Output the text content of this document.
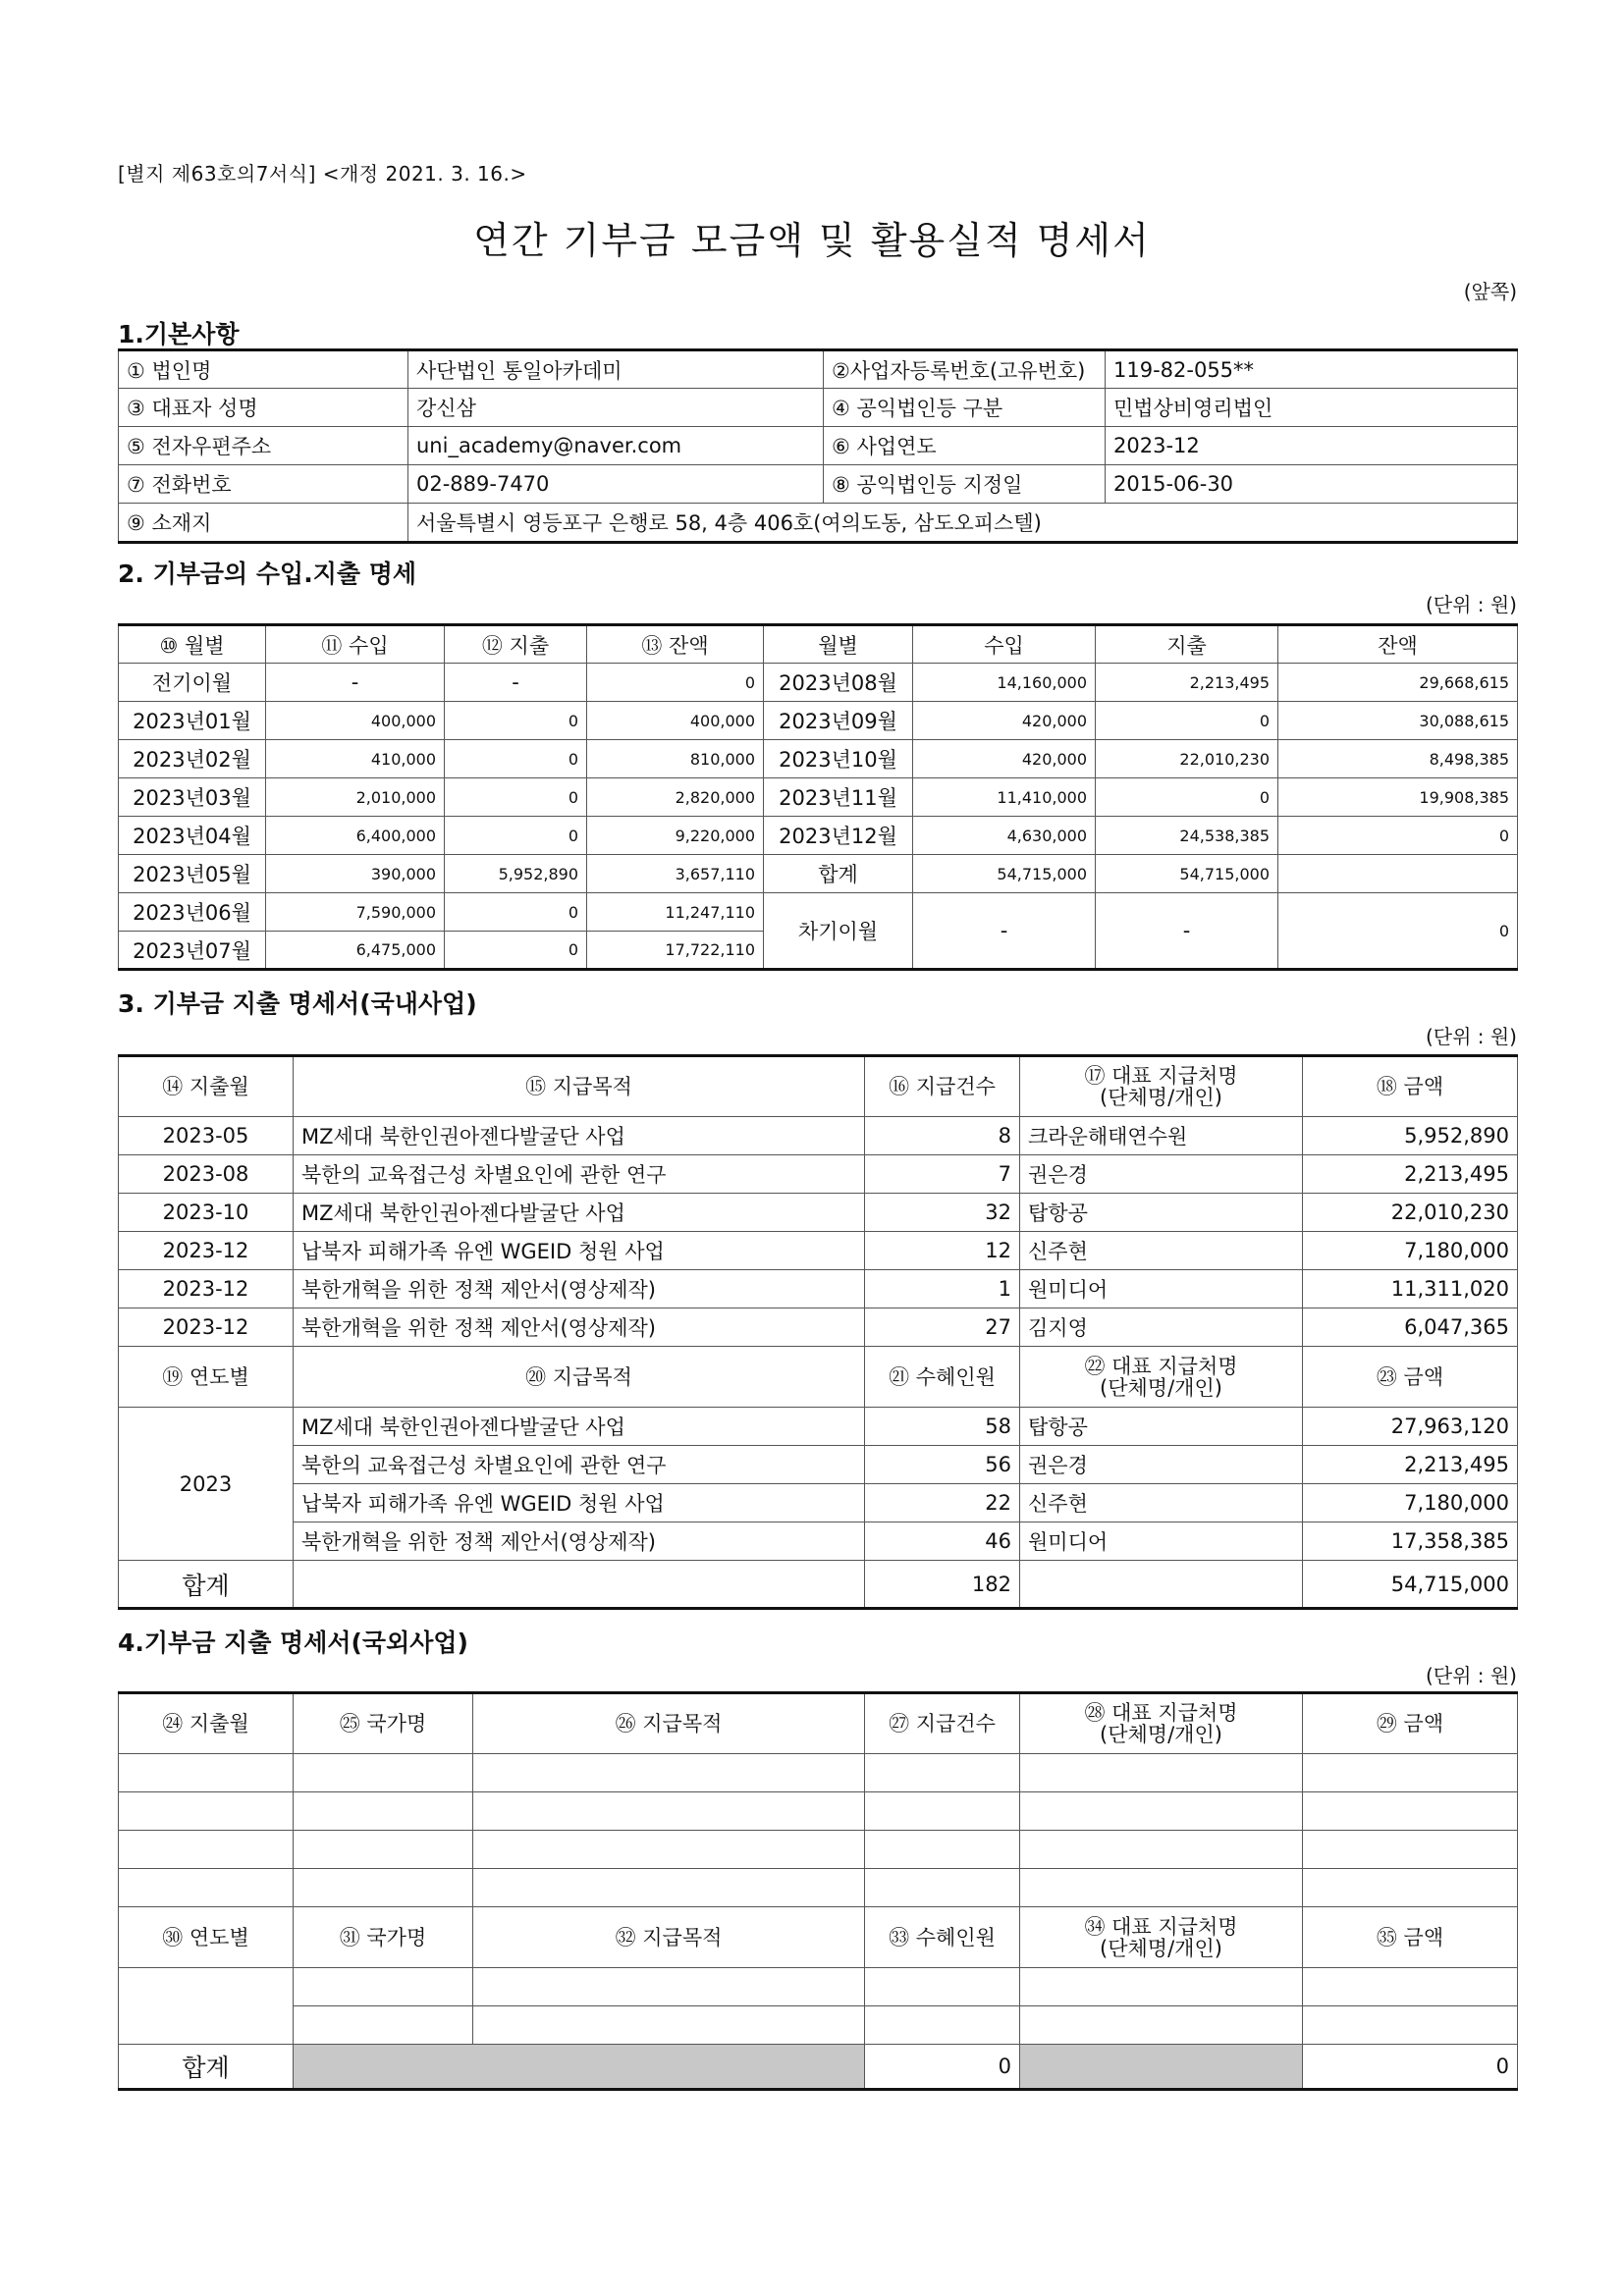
[별지 제63호의7서식] <개정 2021. 3. 16.>
연간 기부금 모금액 및 활용실적 명세서
(앞쪽)
1.기본사항
① 법인명	사단법인 통일아카데미	②사업자등록번호(고유번호)	119-82-055**
③ 대표자 성명	강신삼	④ 공익법인등 구분	민법상비영리법인
⑤ 전자우편주소	uni_academy@naver.com	⑥ 사업연도	2023-12
⑦ 전화번호	02-889-7470	⑧ 공익법인등 지정일	2015-06-30
⑨ 소재지	서울특별시 영등포구 은행로 58, 4층 406호(여의도동, 삼도오피스텔)		
2. 기부금의 수입.지출 명세
(단위 : 원)
⑩ 월별	⑪ 수입	⑫ 지출	⑬ 잔액	월별	수입	지출	잔액
전기이월	-	-	0	2023년08월	14,160,000	2,213,495	29,668,615
2023년01월	400,000	0	400,000	2023년09월	420,000	0	30,088,615
2023년02월	410,000	0	810,000	2023년10월	420,000	22,010,230	8,498,385
2023년03월	2,010,000	0	2,820,000	2023년11월	11,410,000	0	19,908,385
2023년04월	6,400,000	0	9,220,000	2023년12월	4,630,000	24,538,385	0
2023년05월	390,000	5,952,890	3,657,110	합계	54,715,000	54,715,000	
2023년06월	7,590,000	0	11,247,110	차기이월	-	-	0
2023년07월	6,475,000	0	17,722,110				
3. 기부금 지출 명세서(국내사업)
(단위 : 원)
⑭ 지출월	⑮ 지급목적	⑯ 지급건수	⑰ 대표 지급처명
(단체명/개인)	⑱ 금액
2023-05	MZ세대 북한인권아젠다발굴단 사업	8	크라운해태연수원	5,952,890
2023-08	북한의 교육접근성 차별요인에 관한 연구	7	권은경	2,213,495
2023-10	MZ세대 북한인권아젠다발굴단 사업	32	탑항공	22,010,230
2023-12	납북자 피해가족 유엔 WGEID 청원 사업	12	신주현	7,180,000
2023-12	북한개혁을 위한 정책 제안서(영상제작)	1	원미디어	11,311,020
2023-12	북한개혁을 위한 정책 제안서(영상제작)	27	김지영	6,047,365
⑲ 연도별	⑳ 지급목적	㉑ 수혜인원	㉒ 대표 지급처명
(단체명/개인)	㉓ 금액
2023	MZ세대 북한인권아젠다발굴단 사업	58	탑항공	27,963,120
	북한의 교육접근성 차별요인에 관한 연구	56	권은경	2,213,495
	납북자 피해가족 유엔 WGEID 청원 사업	22	신주현	7,180,000
	북한개혁을 위한 정책 제안서(영상제작)	46	원미디어	17,358,385
합계		182		54,715,000
4.기부금 지출 명세서(국외사업)
(단위 : 원)
㉔ 지출월	㉕ 국가명	㉖ 지급목적	㉗ 지급건수	㉘ 대표 지급처명
(단체명/개인)	㉙ 금액

㉚ 연도별	㉛ 국가명	㉜ 지급목적	㉝ 수혜인원	㉞ 대표 지급처명
(단체명/개인)	㉟ 금액

합계			0		0
